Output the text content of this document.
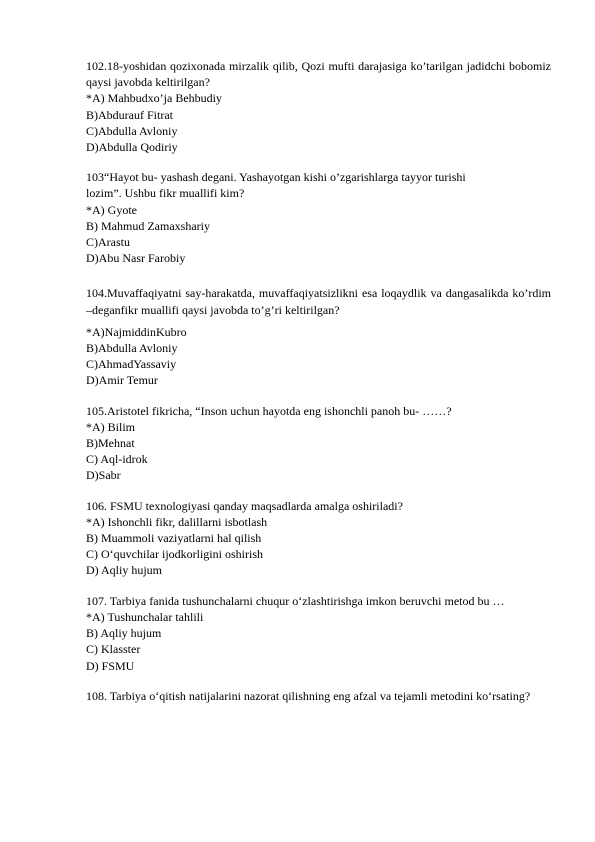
102.18-yoshidan qozixonada mirzalik qilib, Qozi mufti darajasiga ko’tarilgan jadidchi bobomiz qaysi javobda keltirilgan?
*A) Mahbudxo’ja Behbudiy
B)Abdurauf Fitrat
C)Abdulla Avloniy
D)Abdulla Qodiriy
103“Hayot bu- yashash degani. Yashayotgan kishi o’zgarishlarga tayyor turishi
lozim”. Ushbu fikr muallifi kim?
*A) Gyote
B) Mahmud Zamaxshariy
C)Arastu
D)Abu Nasr Farobiy
104.Muvaffaqiyatni say-harakatda, muvaffaqiyatsizlikni esa loqaydlik va dangasalikda ko’rdim –deganfikr muallifi qaysi javobda to’g’ri keltirilgan?
*A)NajmiddinKubro
B)Abdulla Avloniy
C)AhmadYassaviy
D)Amir Temur
105.Aristotel fikricha, “Inson uchun hayotda eng ishonchli panoh bu- ……?
*A) Bilim
B)Mehnat
C) Aql-idrok
D)Sabr
106. FSMU texnologiyasi qanday maqsadlarda amalga oshiriladi?
*A) Ishonchli fikr, dalillarni isbotlash
B) Muammoli vaziyatlarni hal qilish
C) O‘quvchilar ijodkorligini oshirish
D) Aqliy hujum
107. Tarbiya fanida tushunchalarni chuqur o‘zlashtirishga imkon beruvchi metod bu …
*A) Tushunchalar tahlili
B) Aqliy hujum
C) Klasster
D) FSMU
108. Tarbiya o‘qitish natijalarini nazorat qilishning eng afzal va tejamli metodini ko‘rsating?
